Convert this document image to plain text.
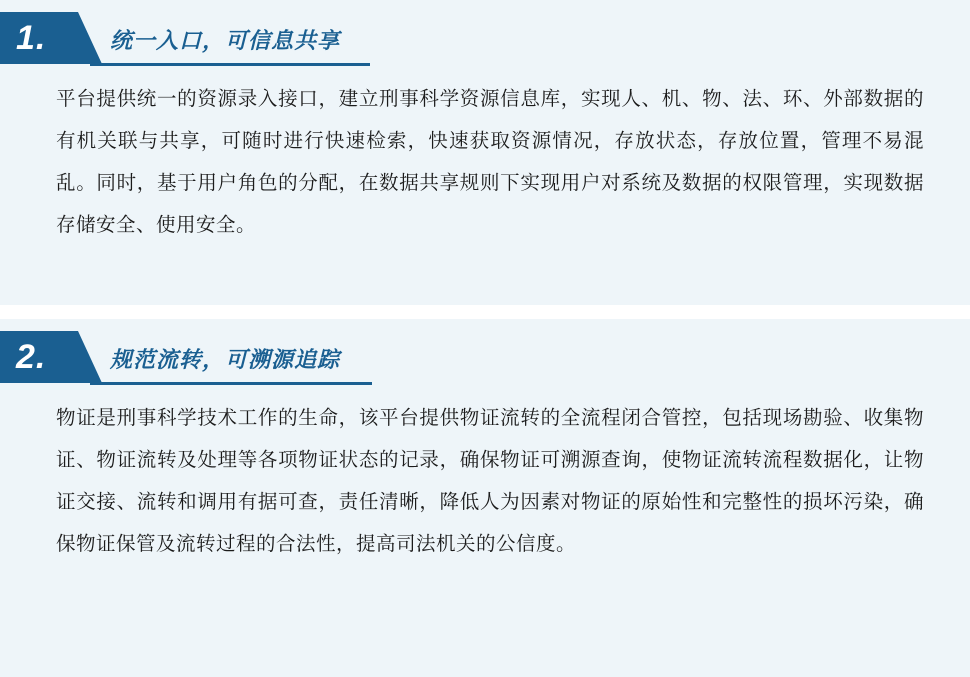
1.	统一入口，可信息共享
平台提供统一的资源录入接口，建立刑事科学资源信息库，实现人、机、物、法、环、外部数据的有机关联与共享，可随时进行快速检索，快速获取资源情况，存放状态，存放位置，管理不易混乱。同时，基于用户角色的分配，在数据共享规则下实现用户对系统及数据的权限管理，实现数据存储安全、使用安全。
2.	规范流转，可溯源追踪
物证是刑事科学技术工作的生命，该平台提供物证流转的全流程闭合管控，包括现场勘验、收集物证、物证流转及处理等各项物证状态的记录，确保物证可溯源查询，使物证流转流程数据化，让物证交接、流转和调用有据可查，责任清晰，降低人为因素对物证的原始性和完整性的损坏污染，确保物证保管及流转过程的合法性，提高司法机关的公信度。
